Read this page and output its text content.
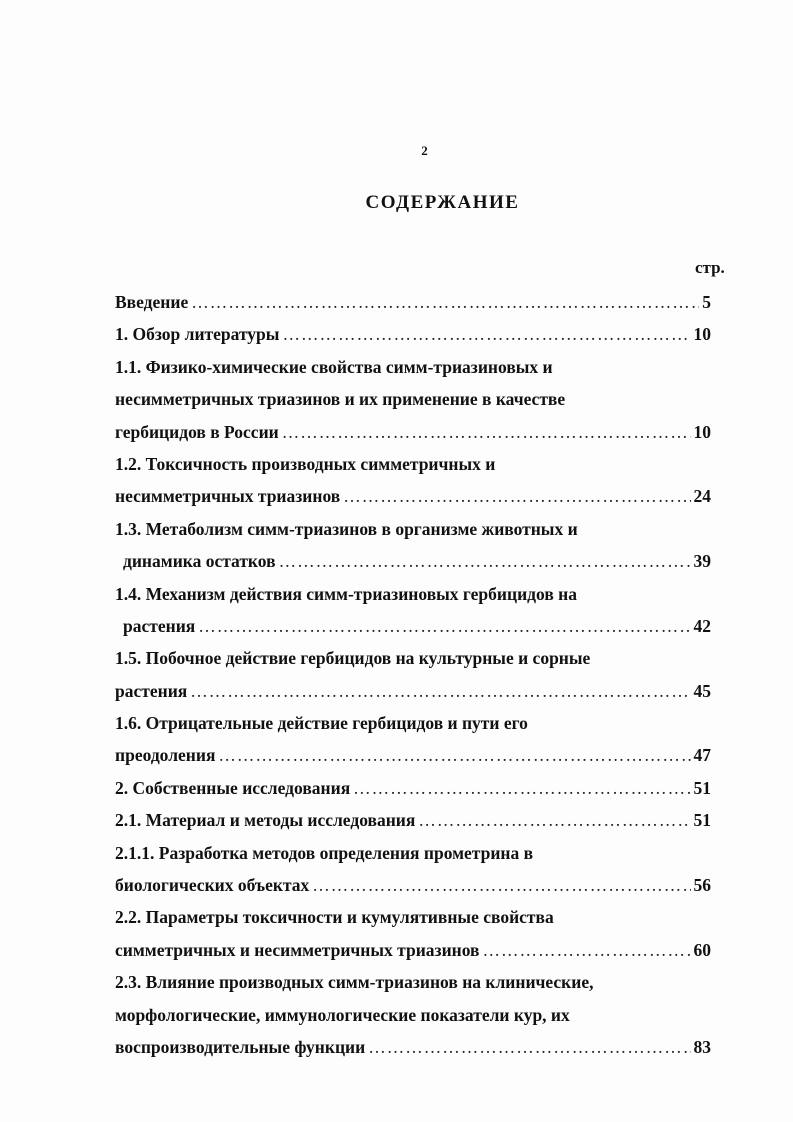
2
СОДЕРЖАНИЕ
стр.
Введение …………………………………………………………………………………………………………………………………………	5
1. Обзор литературы …………………………………………………………………………………………………………………………………………	10
1.1. Физико-химические свойства симм-триазиновых и
несимметричных триазинов и их применение в качестве
гербицидов в России …………………………………………………………………………………………………………………………………………	10
1.2. Токсичность производных симметричных и
несимметричных триазинов …………………………………………………………………………………………………………………………………………	24
1.3. Метаболизм симм-триазинов в организме животных и
динамика остатков …………………………………………………………………………………………………………………………………………	39
1.4. Механизм действия симм-триазиновых гербицидов на
растения …………………………………………………………………………………………………………………………………………	42
1.5. Побочное действие гербицидов на культурные и сорные
растения …………………………………………………………………………………………………………………………………………	45
1.6. Отрицательные действие гербицидов и пути его
преодоления …………………………………………………………………………………………………………………………………………	47
2. Собственные исследования …………………………………………………………………………………………………………………………………………	51
2.1. Материал и методы исследования …………………………………………………………………………………………………………………………………………	51
2.1.1. Разработка методов определения прометрина в
биологических объектах …………………………………………………………………………………………………………………………………………	56
2.2. Параметры токсичности и кумулятивные свойства
симметричных и несимметричных триазинов …………………………………………………………………………………………………………………………………………	60
2.3. Влияние производных симм-триазинов на клинические,
морфологические, иммунологические показатели кур, их
воспроизводительные функции …………………………………………………………………………………………………………………………………………	83
